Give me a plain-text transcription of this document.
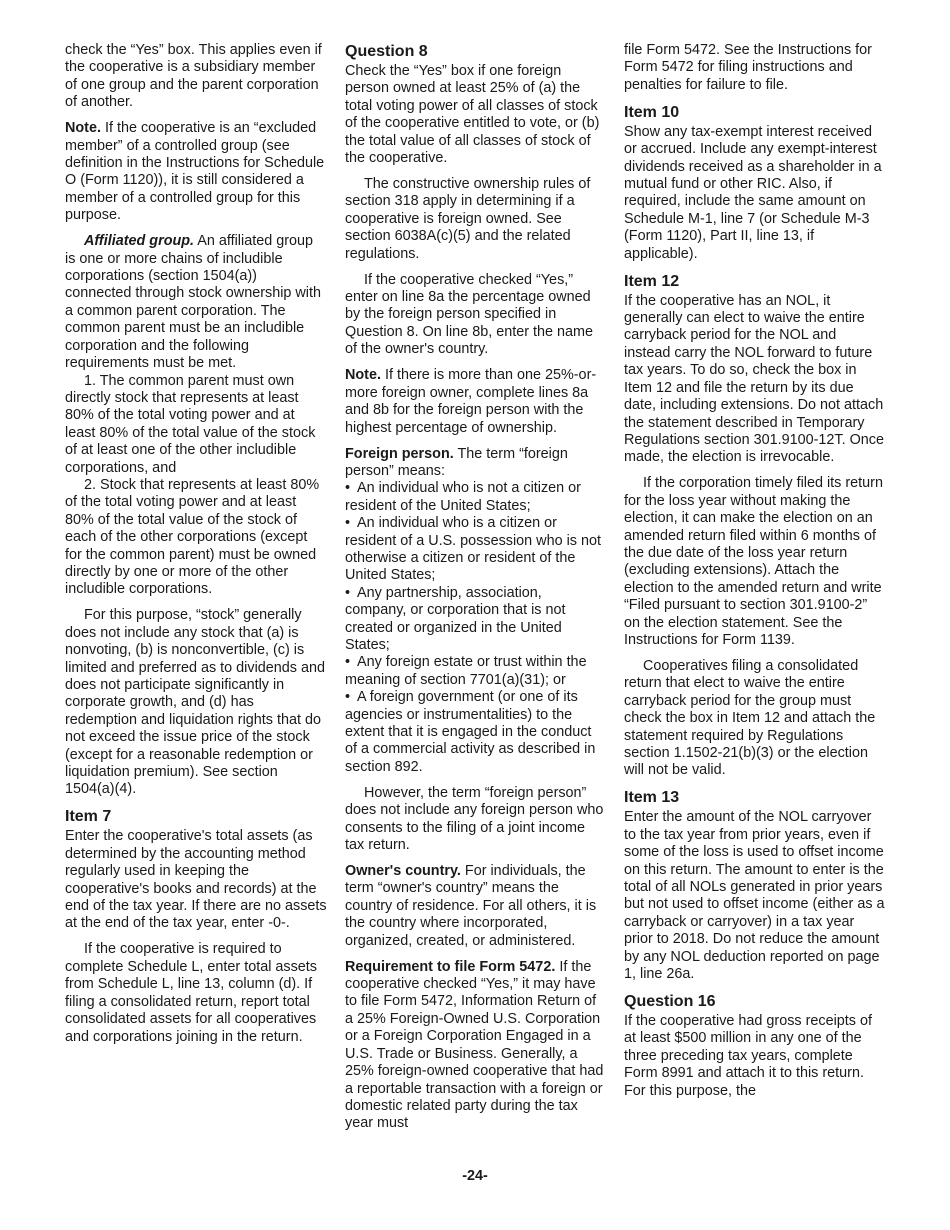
check the “Yes” box. This applies even if the cooperative is a subsidiary member of one group and the parent corporation of another.

Note. If the cooperative is an “excluded member” of a controlled group (see definition in the Instructions for Schedule O (Form 1120)), it is still considered a member of a controlled group for this purpose.

Affiliated group. An affiliated group is one or more chains of includible corporations (section 1504(a)) connected through stock ownership with a common parent corporation. The common parent must be an includible corporation and the following requirements must be met.

1. The common parent must own directly stock that represents at least 80% of the total voting power and at least 80% of the total value of the stock of at least one of the other includible corporations, and

2. Stock that represents at least 80% of the total voting power and at least 80% of the total value of the stock of each of the other corporations (except for the common parent) must be owned directly by one or more of the other includible corporations.

For this purpose, “stock” generally does not include any stock that (a) is nonvoting, (b) is nonconvertible, (c) is limited and preferred as to dividends and does not participate significantly in corporate growth, and (d) has redemption and liquidation rights that do not exceed the issue price of the stock (except for a reasonable redemption or liquidation premium). See section 1504(a)(4).

Item 7

Enter the cooperative's total assets (as determined by the accounting method regularly used in keeping the cooperative's books and records) at the end of the tax year. If there are no assets at the end of the tax year, enter -0-.

If the cooperative is required to complete Schedule L, enter total assets from Schedule L, line 13, column (d). If filing a consolidated return, report total consolidated assets for all cooperatives and corporations joining in the return.

Question 8

Check the “Yes” box if one foreign person owned at least 25% of (a) the total voting power of all classes of stock of the cooperative entitled to vote, or (b) the total value of all classes of stock of the cooperative.

The constructive ownership rules of section 318 apply in determining if a cooperative is foreign owned. See section 6038A(c)(5) and the related regulations.

If the cooperative checked “Yes,” enter on line 8a the percentage owned by the foreign person specified in Question 8. On line 8b, enter the name of the owner's country.

Note. If there is more than one 25%-or-more foreign owner, complete lines 8a and 8b for the foreign person with the highest percentage of ownership.

Foreign person. The term “foreign person” means:

• An individual who is not a citizen or resident of the United States;
• An individual who is a citizen or resident of a U.S. possession who is not otherwise a citizen or resident of the United States;
• Any partnership, association, company, or corporation that is not created or organized in the United States;
• Any foreign estate or trust within the meaning of section 7701(a)(31); or
• A foreign government (or one of its agencies or instrumentalities) to the extent that it is engaged in the conduct of a commercial activity as described in section 892.

However, the term “foreign person” does not include any foreign person who consents to the filing of a joint income tax return.

Owner's country. For individuals, the term “owner's country” means the country of residence. For all others, it is the country where incorporated, organized, created, or administered.

Requirement to file Form 5472. If the cooperative checked “Yes,” it may have to file Form 5472, Information Return of a 25% Foreign-Owned U.S. Corporation or a Foreign Corporation Engaged in a U.S. Trade or Business. Generally, a 25% foreign-owned cooperative that had a reportable transaction with a foreign or domestic related party during the tax year must

file Form 5472. See the Instructions for Form 5472 for filing instructions and penalties for failure to file.

Item 10

Show any tax-exempt interest received or accrued. Include any exempt-interest dividends received as a shareholder in a mutual fund or other RIC. Also, if required, include the same amount on Schedule M-1, line 7 (or Schedule M-3 (Form 1120), Part II, line 13, if applicable).

Item 12

If the cooperative has an NOL, it generally can elect to waive the entire carryback period for the NOL and instead carry the NOL forward to future tax years. To do so, check the box in Item 12 and file the return by its due date, including extensions. Do not attach the statement described in Temporary Regulations section 301.9100-12T. Once made, the election is irrevocable.

If the corporation timely filed its return for the loss year without making the election, it can make the election on an amended return filed within 6 months of the due date of the loss year return (excluding extensions). Attach the election to the amended return and write “Filed pursuant to section 301.9100-2” on the election statement. See the Instructions for Form 1139.

Cooperatives filing a consolidated return that elect to waive the entire carryback period for the group must check the box in Item 12 and attach the statement required by Regulations section 1.1502-21(b)(3) or the election will not be valid.

Item 13

Enter the amount of the NOL carryover to the tax year from prior years, even if some of the loss is used to offset income on this return. The amount to enter is the total of all NOLs generated in prior years but not used to offset income (either as a carryback or carryover) in a tax year prior to 2018. Do not reduce the amount by any NOL deduction reported on page 1, line 26a.

Question 16

If the cooperative had gross receipts of at least $500 million in any one of the three preceding tax years, complete Form 8991 and attach it to this return. For this purpose, the

-24-
